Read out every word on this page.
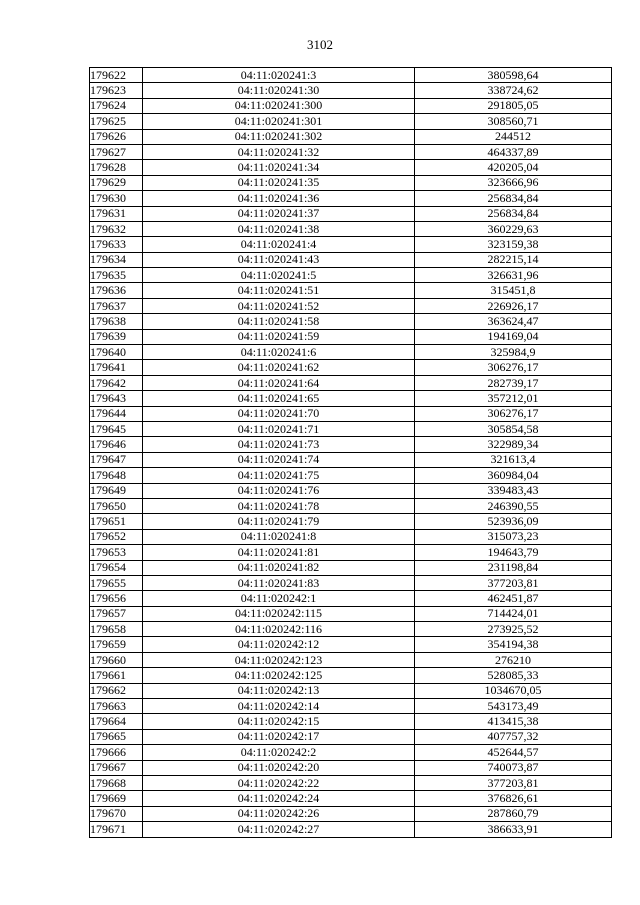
3102
179622	04:11:020241:3	380598,64
179623	04:11:020241:30	338724,62
179624	04:11:020241:300	291805,05
179625	04:11:020241:301	308560,71
179626	04:11:020241:302	244512
179627	04:11:020241:32	464337,89
179628	04:11:020241:34	420205,04
179629	04:11:020241:35	323666,96
179630	04:11:020241:36	256834,84
179631	04:11:020241:37	256834,84
179632	04:11:020241:38	360229,63
179633	04:11:020241:4	323159,38
179634	04:11:020241:43	282215,14
179635	04:11:020241:5	326631,96
179636	04:11:020241:51	315451,8
179637	04:11:020241:52	226926,17
179638	04:11:020241:58	363624,47
179639	04:11:020241:59	194169,04
179640	04:11:020241:6	325984,9
179641	04:11:020241:62	306276,17
179642	04:11:020241:64	282739,17
179643	04:11:020241:65	357212,01
179644	04:11:020241:70	306276,17
179645	04:11:020241:71	305854,58
179646	04:11:020241:73	322989,34
179647	04:11:020241:74	321613,4
179648	04:11:020241:75	360984,04
179649	04:11:020241:76	339483,43
179650	04:11:020241:78	246390,55
179651	04:11:020241:79	523936,09
179652	04:11:020241:8	315073,23
179653	04:11:020241:81	194643,79
179654	04:11:020241:82	231198,84
179655	04:11:020241:83	377203,81
179656	04:11:020242:1	462451,87
179657	04:11:020242:115	714424,01
179658	04:11:020242:116	273925,52
179659	04:11:020242:12	354194,38
179660	04:11:020242:123	276210
179661	04:11:020242:125	528085,33
179662	04:11:020242:13	1034670,05
179663	04:11:020242:14	543173,49
179664	04:11:020242:15	413415,38
179665	04:11:020242:17	407757,32
179666	04:11:020242:2	452644,57
179667	04:11:020242:20	740073,87
179668	04:11:020242:22	377203,81
179669	04:11:020242:24	376826,61
179670	04:11:020242:26	287860,79
179671	04:11:020242:27	386633,91
